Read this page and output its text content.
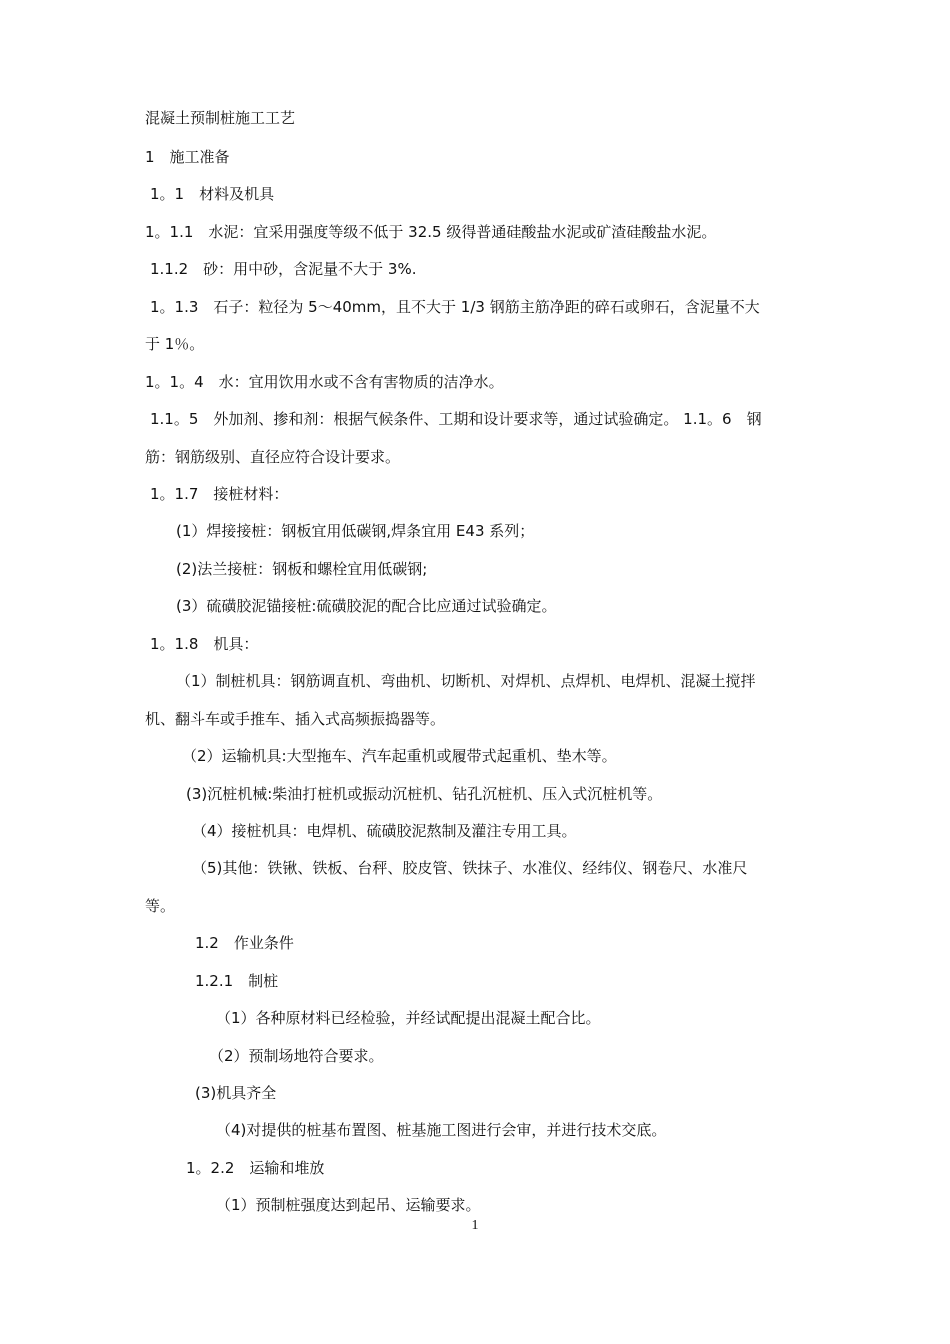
混凝土预制桩施工工艺
1　施工准备
1。1　材料及机具
1。1.1　水泥：宜采用强度等级不低于 32.5 级得普通硅酸盐水泥或矿渣硅酸盐水泥。
1.1.2　砂：用中砂，含泥量不大于 3%.
1。1.3　石子：粒径为 5～40mm，且不大于 1/3 钢筋主筋净距的碎石或卵石，含泥量不大
于 1％。
1。1。4　水：宜用饮用水或不含有害物质的洁净水。
1.1。5　外加剂、掺和剂：根据气候条件、工期和设计要求等，通过试验确定。 1.1。6　钢
筋：钢筋级别、直径应符合设计要求。
1。1.7　接桩材料：
(1）焊接接桩：钢板宜用低碳钢,焊条宜用 E43 系列；
(2)法兰接桩：钢板和螺栓宜用低碳钢;
(3）硫磺胶泥锚接桩:硫磺胶泥的配合比应通过试验确定。
1。1.8　机具：
（1）制桩机具：钢筋调直机、弯曲机、切断机、对焊机、点焊机、电焊机、混凝土搅拌
机、翻斗车或手推车、插入式高频振捣器等。
（2）运输机具:大型拖车、汽车起重机或履带式起重机、垫木等。
(3)沉桩机械:柴油打桩机或振动沉桩机、钻孔沉桩机、压入式沉桩机等。
（4）接桩机具：电焊机、硫磺胶泥熬制及灌注专用工具。
（5)其他：铁锹、铁板、台秤、胶皮管、铁抹子、水准仪、经纬仪、钢卷尺、水准尺
等。
1.2　作业条件
1.2.1　制桩
（1）各种原材料已经检验，并经试配提出混凝土配合比。
（2）预制场地符合要求。
(3)机具齐全
（4)对提供的桩基布置图、桩基施工图进行会审，并进行技术交底。
1。2.2　运输和堆放
（1）预制桩强度达到起吊、运输要求。
1
